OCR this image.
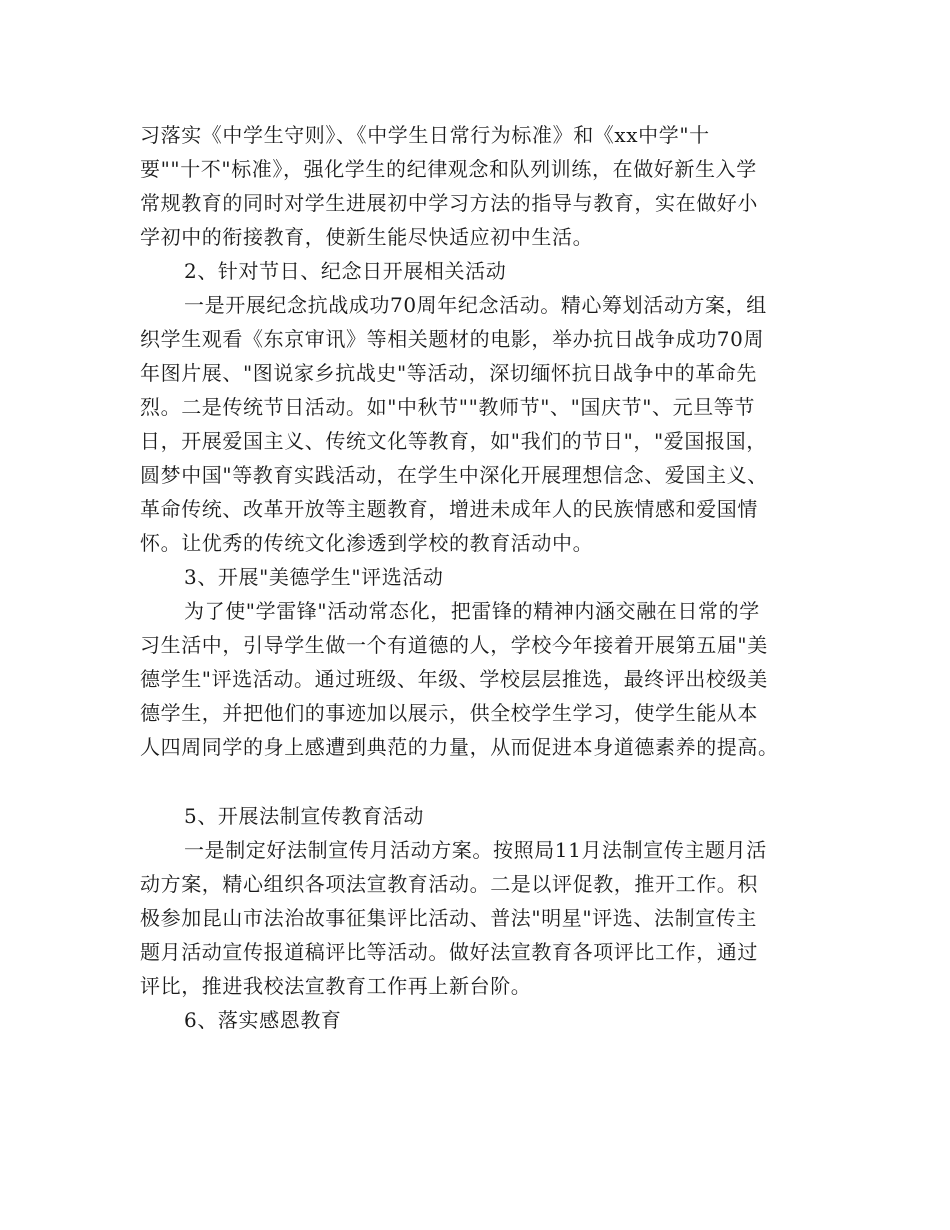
习落实《中学生守则》、《中学生日常行为标准》和《xx中学"十

要""十不"标准》，强化学生的纪律观念和队列训练，在做好新生入学

常规教育的同时对学生进展初中学习方法的指导与教育，实在做好小

学初中的衔接教育，使新生能尽快适应初中生活。

2、针对节日、纪念日开展相关活动

一是开展纪念抗战成功70周年纪念活动。精心筹划活动方案，组

织学生观看《东京审讯》等相关题材的电影，举办抗日战争成功70周

年图片展、"图说家乡抗战史"等活动，深切缅怀抗日战争中的革命先

烈。二是传统节日活动。如"中秋节""教师节"、"国庆节"、元旦等节

日，开展爱国主义、传统文化等教育，如"我们的节日"，"爱国报国，

圆梦中国"等教育实践活动，在学生中深化开展理想信念、爱国主义、

革命传统、改革开放等主题教育，增进未成年人的民族情感和爱国情

怀。让优秀的传统文化渗透到学校的教育活动中。

3、开展"美德学生"评选活动

为了使"学雷锋"活动常态化，把雷锋的精神内涵交融在日常的学

习生活中，引导学生做一个有道德的人，学校今年接着开展第五届"美

德学生"评选活动。通过班级、年级、学校层层推选，最终评出校级美

德学生，并把他们的事迹加以展示，供全校学生学习，使学生能从本

人四周同学的身上感遭到典范的力量，从而促进本身道德素养的提高。

5、开展法制宣传教育活动

一是制定好法制宣传月活动方案。按照局11月法制宣传主题月活

动方案，精心组织各项法宣教育活动。二是以评促教，推开工作。积

极参加昆山市法治故事征集评比活动、普法"明星"评选、法制宣传主

题月活动宣传报道稿评比等活动。做好法宣教育各项评比工作，通过

评比，推进我校法宣教育工作再上新台阶。

6、落实感恩教育
